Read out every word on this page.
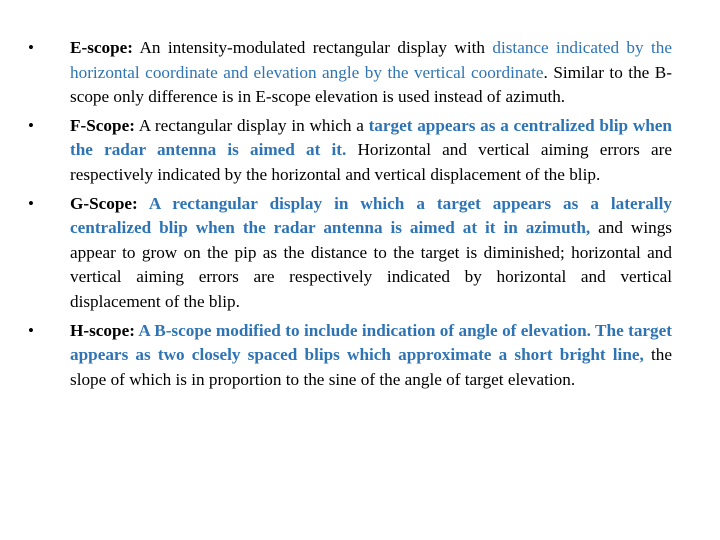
• E-scope: An intensity-modulated rectangular display with distance indicated by the horizontal coordinate and elevation angle by the vertical coordinate. Similar to the B-scope only difference is in E-scope elevation is used instead of azimuth.
• F-Scope: A rectangular display in which a target appears as a centralized blip when the radar antenna is aimed at it. Horizontal and vertical aiming errors are respectively indicated by the horizontal and vertical displacement of the blip.
• G-Scope: A rectangular display in which a target appears as a laterally centralized blip when the radar antenna is aimed at it in azimuth, and wings appear to grow on the pip as the distance to the target is diminished; horizontal and vertical aiming errors are respectively indicated by horizontal and vertical displacement of the blip.
• H-scope: A B-scope modified to include indication of angle of elevation. The target appears as two closely spaced blips which approximate a short bright line, the slope of which is in proportion to the sine of the angle of target elevation.
